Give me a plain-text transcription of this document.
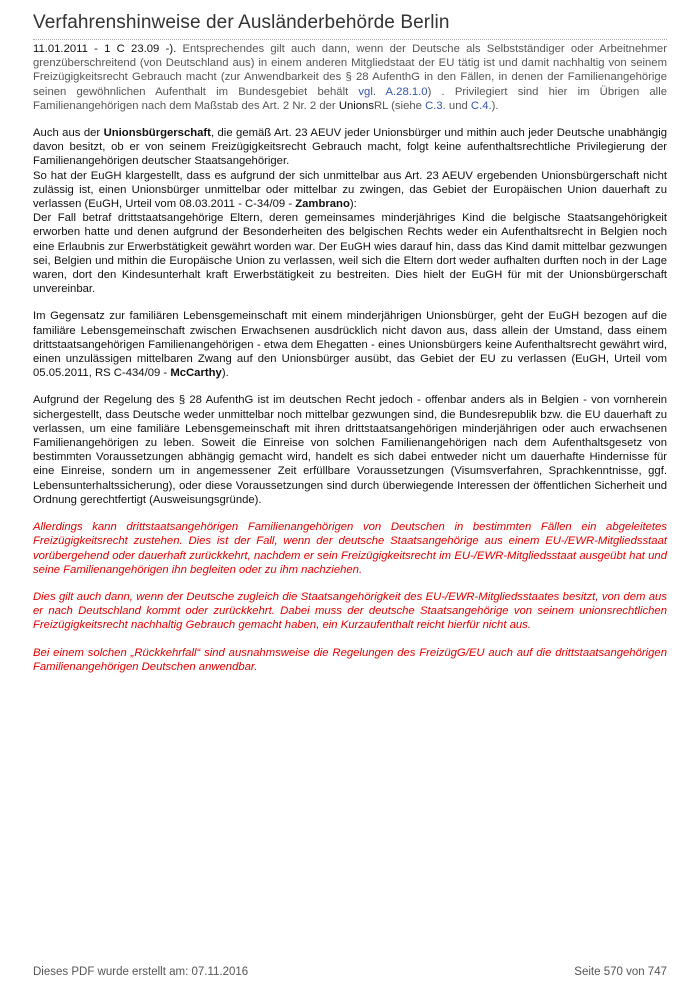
Verfahrenshinweise der Ausländerbehörde Berlin

11.01.2011 - 1 C 23.09 -). Entsprechendes gilt auch dann, wenn der Deutsche als Selbstständiger oder Arbeitnehmer grenzüberschreitend (von Deutschland aus) in einem anderen Mitgliedstaat der EU tätig ist und damit nachhaltig von seinem Freizügigkeitsrecht Gebrauch macht (zur Anwendbarkeit des § 28 AufenthG in den Fällen, in denen der Familienangehörige seinen gewöhnlichen Aufenthalt im Bundesgebiet behält vgl. A.28.1.0) . Privilegiert sind hier im Übrigen alle Familienangehörigen nach dem Maßstab des Art. 2 Nr. 2 der UnionsRL (siehe C.3. und C.4.).

Auch aus der Unionsbürgerschaft, die gemäß Art. 23 AEUV jeder Unionsbürger und mithin auch jeder Deutsche unabhängig davon besitzt, ob er von seinem Freizügigkeitsrecht Gebrauch macht, folgt keine aufenthaltsrechtliche Privilegierung der Familienangehörigen deutscher Staatsangehöriger.
So hat der EuGH klargestellt, dass es aufgrund der sich unmittelbar aus Art. 23 AEUV ergebenden Unionsbürgerschaft nicht zulässig ist, einen Unionsbürger unmittelbar oder mittelbar zu zwingen, das Gebiet der Europäischen Union dauerhaft zu verlassen (EuGH, Urteil vom 08.03.2011 - C-34/09 - Zambrano):
Der Fall betraf drittstaatsangehörige Eltern, deren gemeinsames minderjähriges Kind die belgische Staatsangehörigkeit erworben hatte und denen aufgrund der Besonderheiten des belgischen Rechts weder ein Aufenthaltsrecht in Belgien noch eine Erlaubnis zur Erwerbstätigkeit gewährt worden war. Der EuGH wies darauf hin, dass das Kind damit mittelbar gezwungen sei, Belgien und mithin die Europäische Union zu verlassen, weil sich die Eltern dort weder aufhalten durften noch in der Lage waren, dort den Kindesunterhalt kraft Erwerbstätigkeit zu bestreiten. Dies hielt der EuGH für mit der Unionsbürgerschaft unvereinbar.

Im Gegensatz zur familiären Lebensgemeinschaft mit einem minderjährigen Unionsbürger, geht der EuGH bezogen auf die familiäre Lebensgemeinschaft zwischen Erwachsenen ausdrücklich nicht davon aus, dass allein der Umstand, dass einem drittstaatsangehörigen Familienangehörigen - etwa dem Ehegatten - eines Unionsbürgers keine Aufenthaltsrecht gewährt wird, einen unzulässigen mittelbaren Zwang auf den Unionsbürger ausübt, das Gebiet der EU zu verlassen (EuGH, Urteil vom 05.05.2011, RS C-434/09 - McCarthy).

Aufgrund der Regelung des § 28 AufenthG ist im deutschen Recht jedoch - offenbar anders als in Belgien - von vornherein sichergestellt, dass Deutsche weder unmittelbar noch mittelbar gezwungen sind, die Bundesrepublik bzw. die EU dauerhaft zu verlassen, um eine familiäre Lebensgemeinschaft mit ihren drittstaatsangehörigen minderjährigen oder auch erwachsenen Familienangehörigen zu leben. Soweit die Einreise von solchen Familienangehörigen nach dem Aufenthaltsgesetz von bestimmten Voraussetzungen abhängig gemacht wird, handelt es sich dabei entweder nicht um dauerhafte Hindernisse für eine Einreise, sondern um in angemessener Zeit erfüllbare Voraussetzungen (Visumsverfahren, Sprachkenntnisse, ggf. Lebensunterhaltssicherung), oder diese Voraussetzungen sind durch überwiegende Interessen der öffentlichen Sicherheit und Ordnung gerechtfertigt (Ausweisungsgründe).

Allerdings kann drittstaatsangehörigen Familienangehörigen von Deutschen in bestimmten Fällen ein abgeleitetes Freizügigkeitsrecht zustehen. Dies ist der Fall, wenn der deutsche Staatsangehörige aus einem EU-/EWR-Mitgliedsstaat vorübergehend oder dauerhaft zurückkehrt, nachdem er sein Freizügigkeitsrecht im EU-/EWR-Mitgliedsstaat ausgeübt hat und seine Familienangehörigen ihn begleiten oder zu ihm nachziehen.

Dies gilt auch dann, wenn der Deutsche zugleich die Staatsangehörigkeit des EU-/EWR-Mitgliedsstaates besitzt, von dem aus er nach Deutschland kommt oder zurückkehrt. Dabei muss der deutsche Staatsangehörige von seinem unionsrechtlichen Freizügigkeitsrecht nachhaltig Gebrauch gemacht haben, ein Kurzaufenthalt reicht hierfür nicht aus.

Bei einem solchen „Rückkehrfall“ sind ausnahmsweise die Regelungen des FreizügG/EU auch auf die drittstaatsangehörigen Familienangehörigen Deutschen anwendbar.

Dieses PDF wurde erstellt am: 07.11.2016	Seite 570 von 747
